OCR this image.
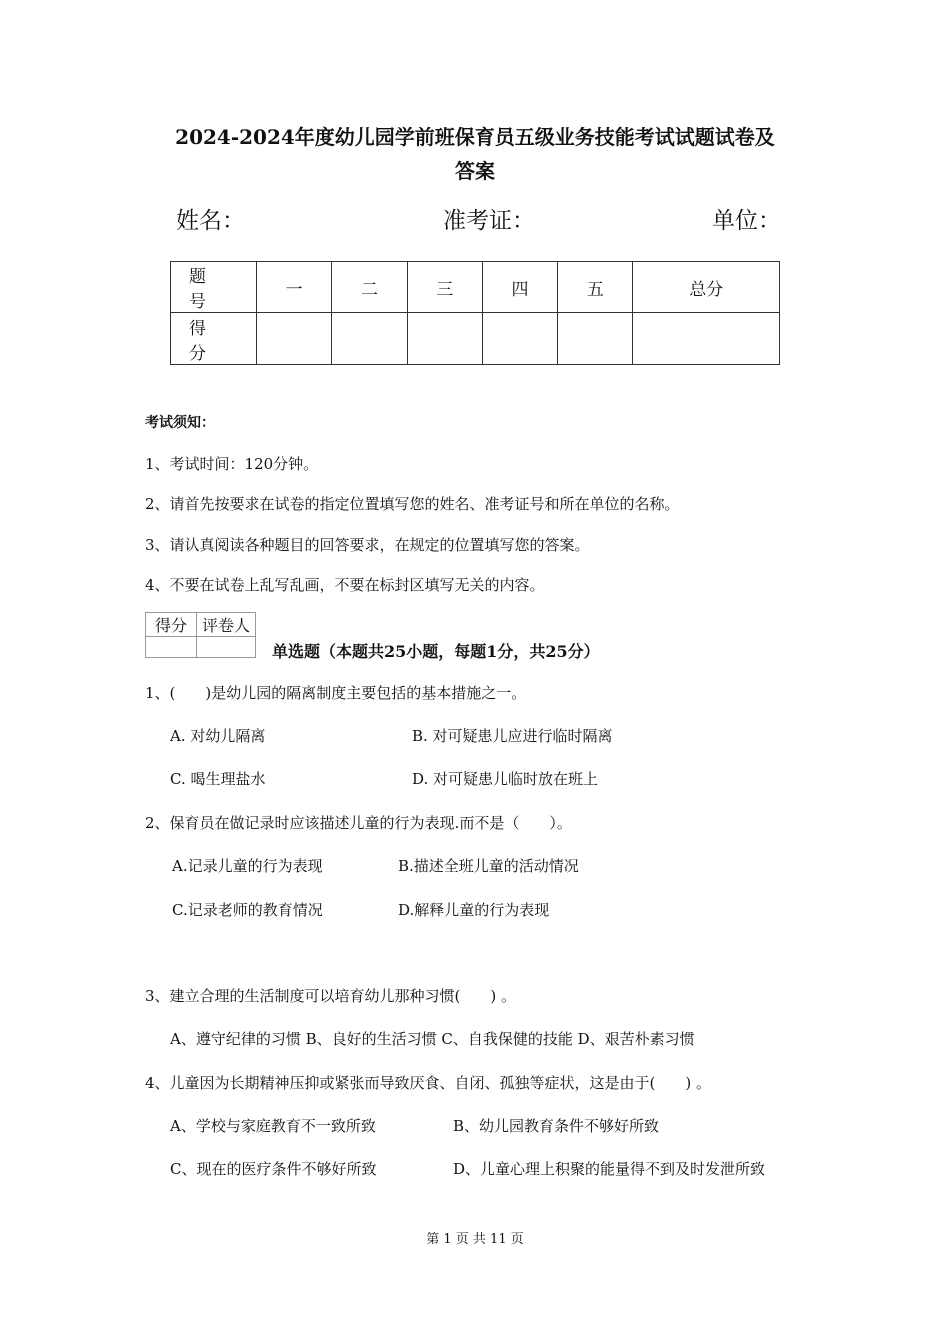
2024-2024年度幼儿园学前班保育员五级业务技能考试试题试卷及
答案
姓名：	准考证：	单位：
题号	一	二	三	四	五	总分
得分						
考试须知：
1、考试时间：120分钟。
2、请首先按要求在试卷的指定位置填写您的姓名、准考证号和所在单位的名称。
3、请认真阅读各种题目的回答要求，在规定的位置填写您的答案。
4、不要在试卷上乱写乱画，不要在标封区填写无关的内容。
得分	评卷人

单选题（本题共25小题，每题1分，共25分）
1、(　　)是幼儿园的隔离制度主要包括的基本措施之一。
A. 对幼儿隔离	B. 对可疑患儿应进行临时隔离
C. 喝生理盐水	D. 对可疑患儿临时放在班上
2、保育员在做记录时应该描述儿童的行为表现.而不是（　　）。
A.记录儿童的行为表现	B.描述全班儿童的活动情况
C.记录老师的教育情况	D.解释儿童的行为表现
3、建立合理的生活制度可以培育幼儿那种习惯(　　) 。
A、遵守纪律的习惯 B、良好的生活习惯 C、自我保健的技能 D、艰苦朴素习惯
4、儿童因为长期精神压抑或紧张而导致厌食、自闭、孤独等症状，这是由于(　　) 。
A、学校与家庭教育不一致所致	B、幼儿园教育条件不够好所致
C、现在的医疗条件不够好所致	D、儿童心理上积聚的能量得不到及时发泄所致
第 1 页 共 11 页
